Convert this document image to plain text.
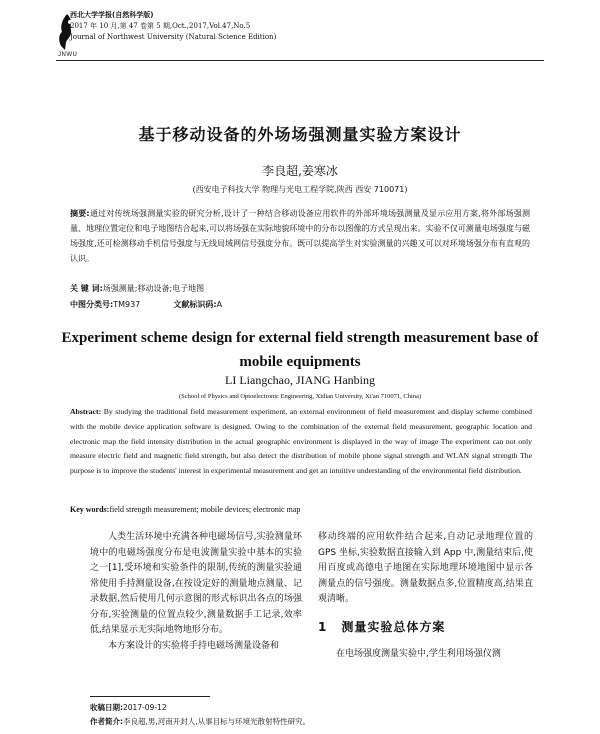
JNWU
西北大学学报(自然科学版)
2017 年 10 月,第 47 卷第 5 期,Oct.,2017,Vol.47,No.5
Journal of Northwest University (Natural Science Edition)
基于移动设备的外场场强测量实验方案设计
李良超,姜寒冰
(西安电子科技大学 物理与光电工程学院,陕西 西安 710071)
摘要:通过对传统场强测量实验的研究分析,设计了一种结合移动设备应用软件的外部环境场强测量及显示应用方案,将外部场强测量、地理位置定位和电子地图结合起来,可以将场强在实际地貌环境中的分布以图像的方式呈现出来。实验不仅可测量电场强度与磁场强度,还可检测移动手机信号强度与无线局域网信号强度分布。既可以提高学生对实验测量的兴趣又可以对环境场强分布有直观的认识。
关 键 词:场强测量;移动设备;电子地图
中图分类号:TM937	文献标识码:A
Experiment scheme design for external field strength measurement base of mobile equipments
LI Liangchao, JIANG Hanbing
(School of Physics and Optoelectronic Engineering, Xidian University, Xi'an 710071, China)
Abstract: By studying the traditional field measurement experiment, an external environment of field measurement and display scheme combined with the mobile device application software is designed. Owing to the combination of the external field measurement, geographic location and electronic map the field intensity distribution in the actual geographic environment is displayed in the way of image The experiment can not only measure electric field and magnetic field strength, but also detect the distribution of mobile phone signal strength and WLAN signal strength The purpose is to improve the students' interest in experimental measurement and get an intuitive understanding of the environmental field distribution.
Key words:field strength measurement; mobile devices; electronic map

人类生活环境中充满各种电磁场信号,实验测量环境中的电磁场强度分布是电波测量实验中基本的实验之一[1],受环境和实验条件的限制,传统的测量实验通常使用手持测量设备,在按设定好的测量地点测量、记录数据,然后使用几何示意图的形式标识出各点的场强分布,实验测量的位置点较少,测量数据手工记录,效率低,结果显示无实际地物地形分布。

本方案设计的实验将手持电磁场测量设备和

移动终端的应用软件结合起来,自动记录地理位置的 GPS 坐标,实验数据直接输入到 App 中,测量结束后,使用百度或高德电子地图在实际地理环境地图中显示各测量点的信号强度。测量数据点多,位置精度高,结果直观清晰。

1 测量实验总体方案

在电场强度测量实验中,学生利用场强仪测

收稿日期:2017-09-12
作者简介:李良超,男,河南开封人,从事目标与环境光散射特性研究。
